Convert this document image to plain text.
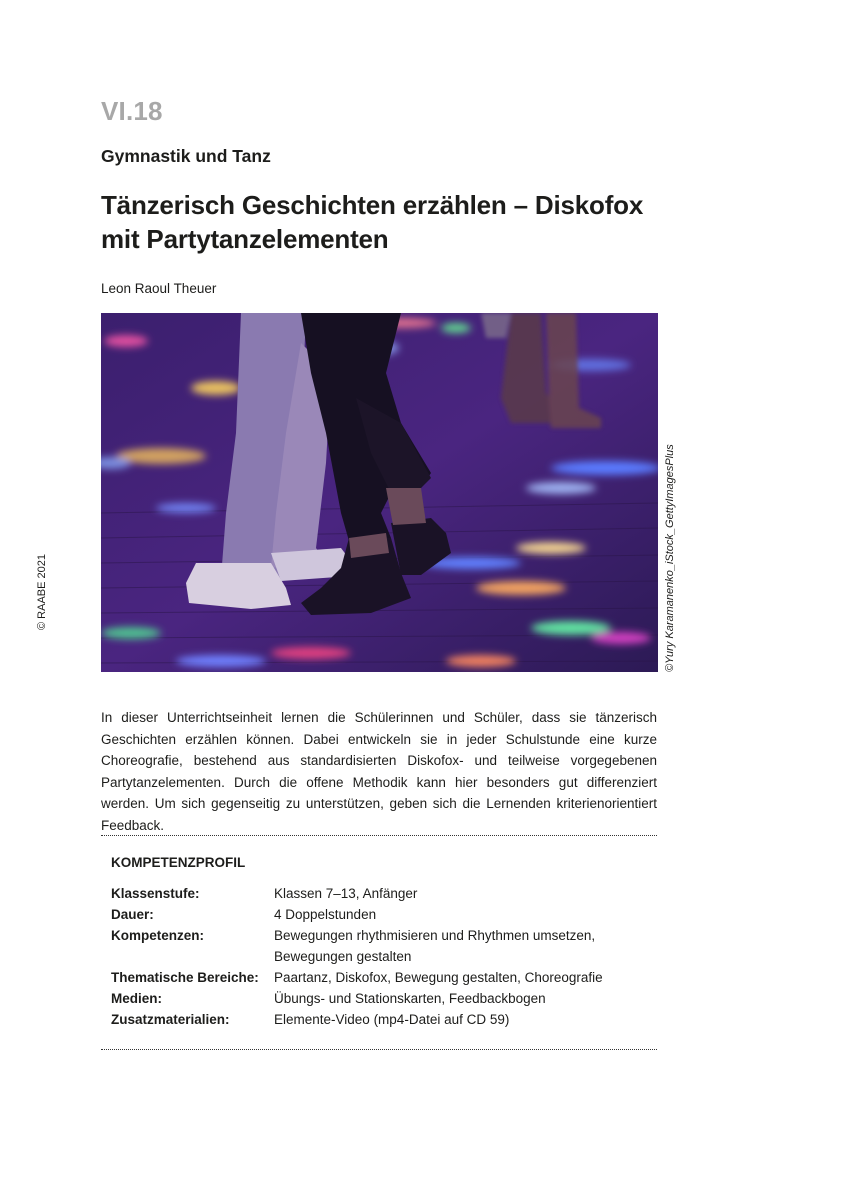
VI.18
Gymnastik und Tanz
Tänzerisch Geschichten erzählen – Diskofox mit Partytanzelementen
Leon Raoul Theuer
©Yury Karamanenko_iStock_GettyImagesPlus
© RAABE 2021
In dieser Unterrichtseinheit lernen die Schülerinnen und Schüler, dass sie tänzerisch Geschichten erzählen können. Dabei entwickeln sie in jeder Schulstunde eine kurze Choreografie, bestehend aus standardisierten Diskofox- und teilweise vorgegebenen Partytanzelementen. Durch die offene Methodik kann hier besonders gut differenziert werden. Um sich gegenseitig zu unterstützen, geben sich die Lernenden kriterienorientiert Feedback.
KOMPETENZPROFIL
Klassenstufe:	Klassen 7–13, Anfänger
Dauer:	4 Doppelstunden
Kompetenzen:	Bewegungen rhythmisieren und Rhythmen umsetzen, Bewegungen gestalten
Thematische Bereiche:	Paartanz, Diskofox, Bewegung gestalten, Choreografie
Medien:	Übungs- und Stationskarten, Feedbackbogen
Zusatzmaterialien:	Elemente-Video (mp4-Datei auf CD 59)
